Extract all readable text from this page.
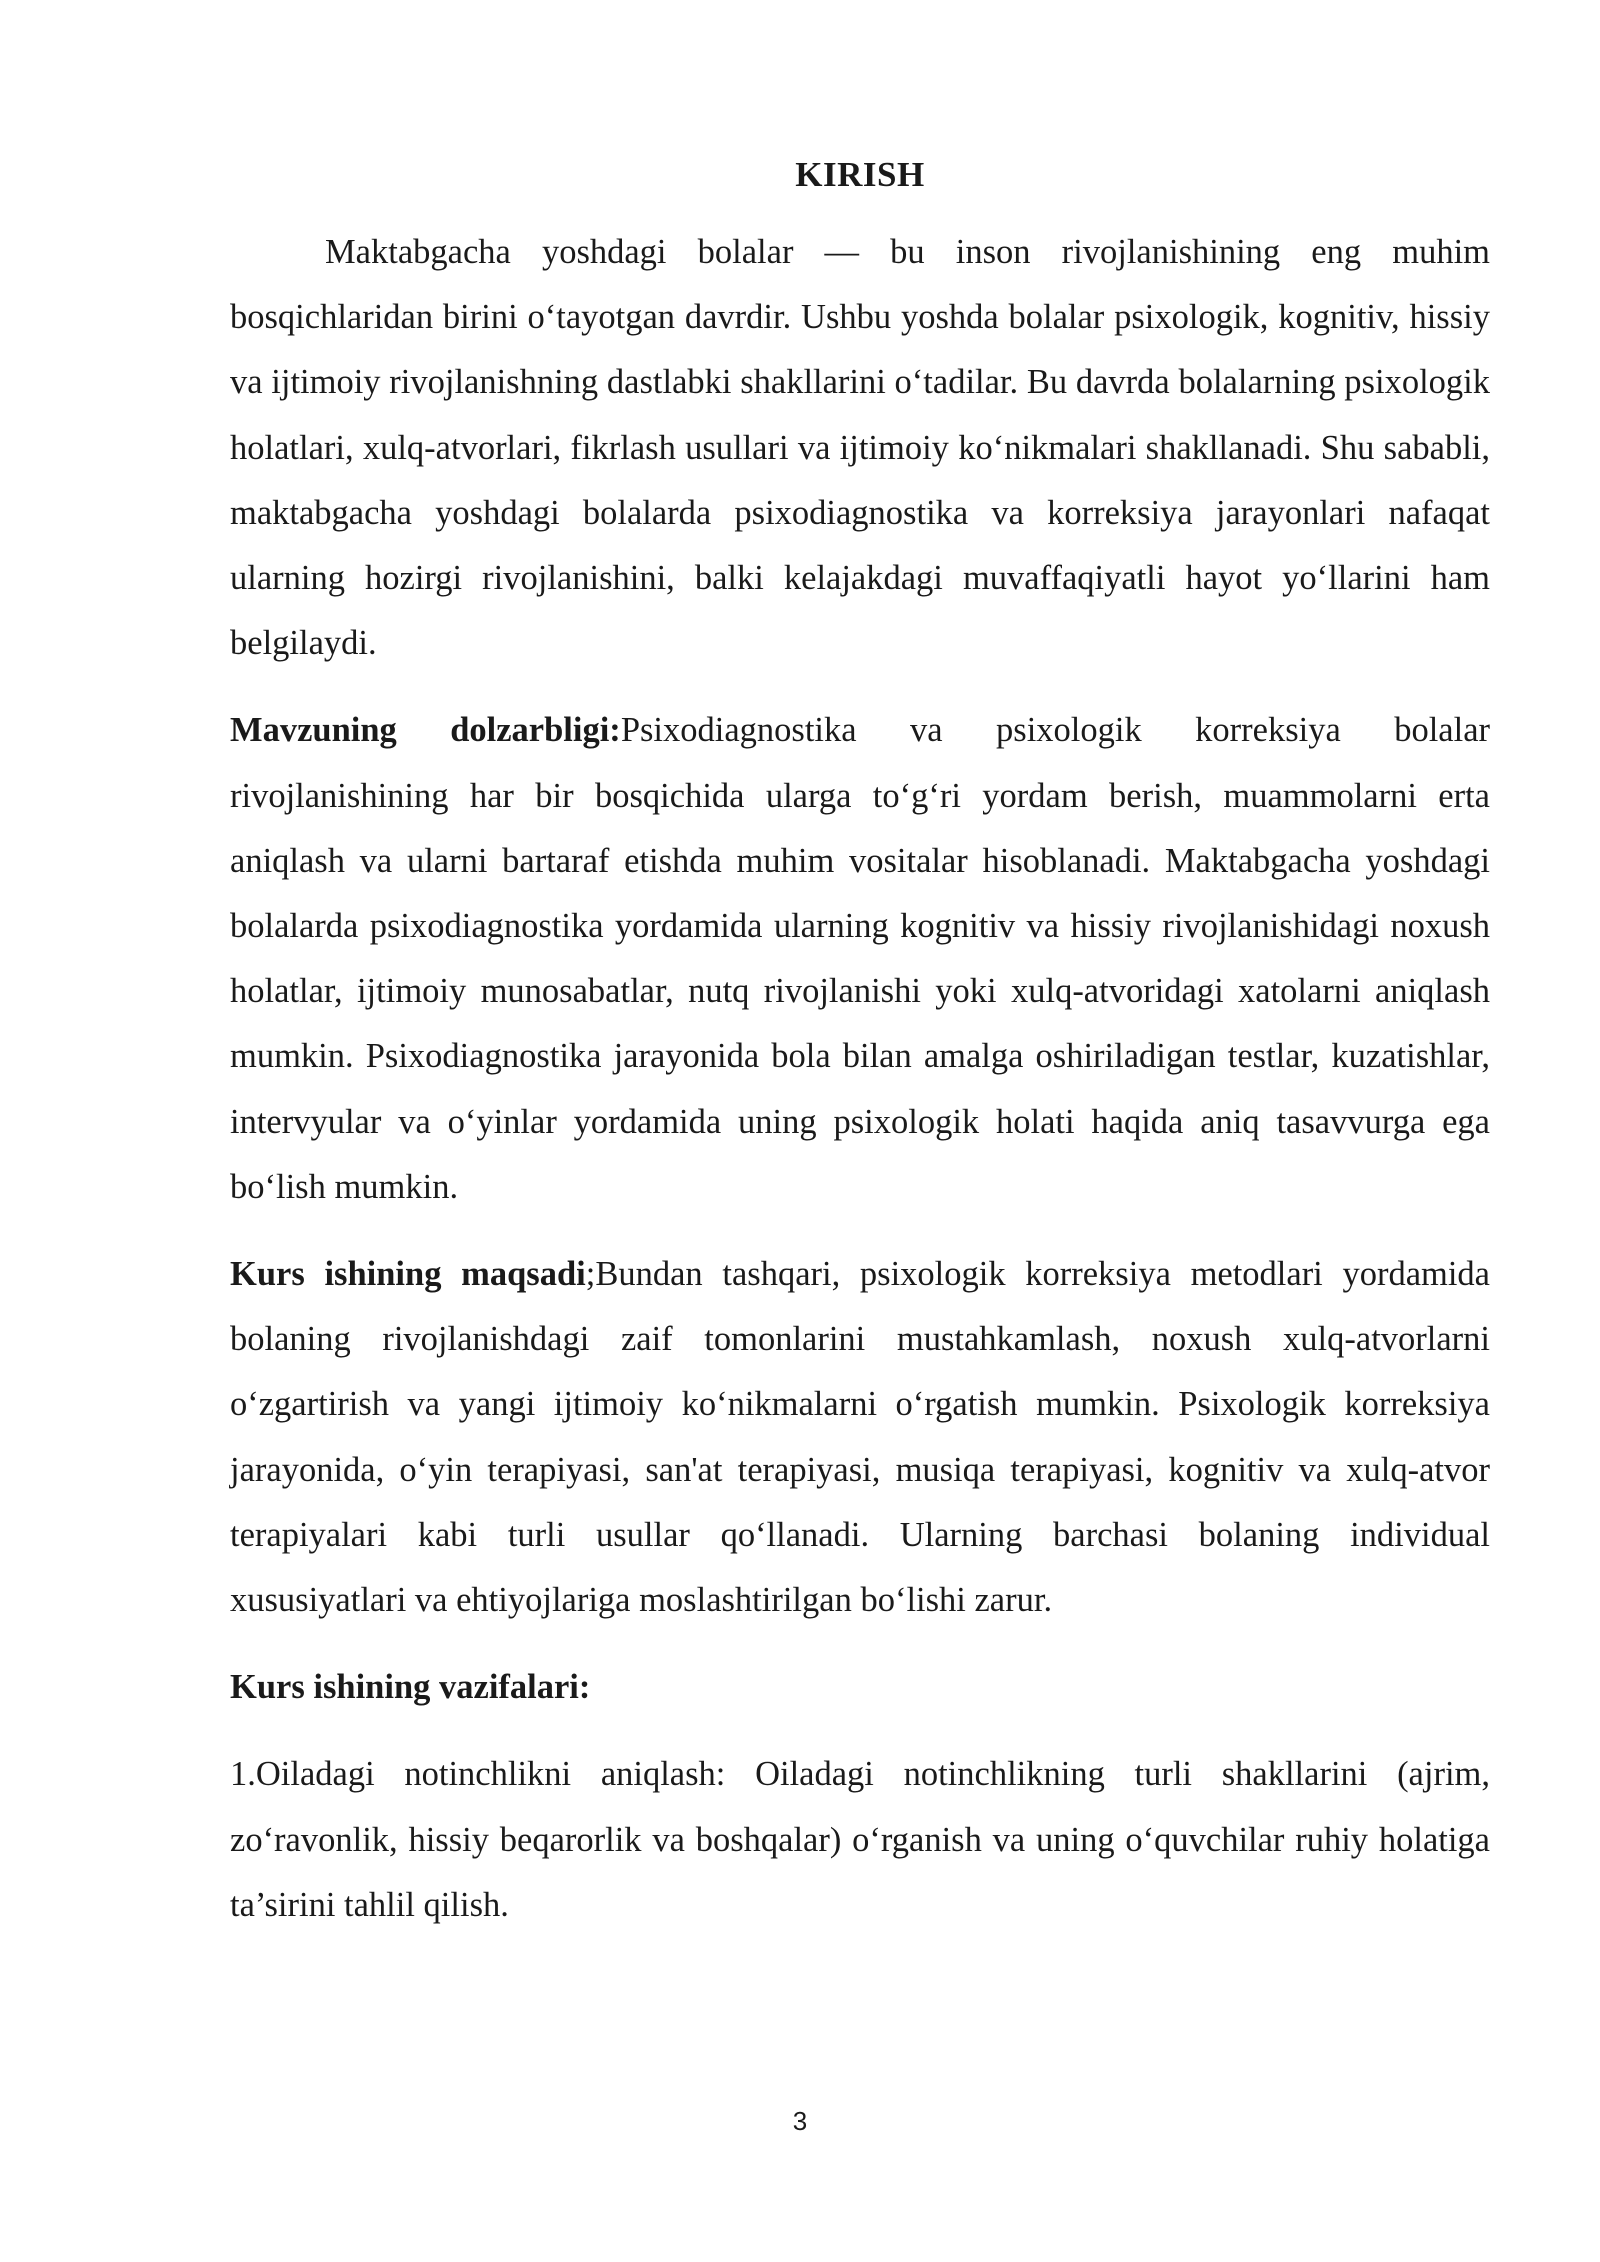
KIRISH

Maktabgacha yoshdagi bolalar — bu inson rivojlanishining eng muhim bosqichlaridan birini o‘tayotgan davrdir. Ushbu yoshda bolalar psixologik, kognitiv, hissiy va ijtimoiy rivojlanishning dastlabki shakllarini o‘tadilar. Bu davrda bolalarning psixologik holatlari, xulq-atvorlari, fikrlash usullari va ijtimoiy ko‘nikmalari shakllanadi. Shu sababli, maktabgacha yoshdagi bolalarda psixodiagnostika va korreksiya jarayonlari nafaqat ularning hozirgi rivojlanishini, balki kelajakdagi muvaffaqiyatli hayot yo‘llarini ham belgilaydi.

Mavzuning dolzarbligi:Psixodiagnostika va psixologik korreksiya bolalar rivojlanishining har bir bosqichida ularga to‘g‘ri yordam berish, muammolarni erta aniqlash va ularni bartaraf etishda muhim vositalar hisoblanadi. Maktabgacha yoshdagi bolalarda psixodiagnostika yordamida ularning kognitiv va hissiy rivojlanishidagi noxush holatlar, ijtimoiy munosabatlar, nutq rivojlanishi yoki xulq-atvoridagi xatolarni aniqlash mumkin. Psixodiagnostika jarayonida bola bilan amalga oshiriladigan testlar, kuzatishlar, intervyular va o‘yinlar yordamida uning psixologik holati haqida aniq tasavvurga ega bo‘lish mumkin.

Kurs ishining maqsadi;Bundan tashqari, psixologik korreksiya metodlari yordamida bolaning rivojlanishdagi zaif tomonlarini mustahkamlash, noxush xulq-atvorlarni o‘zgartirish va yangi ijtimoiy ko‘nikmalarni o‘rgatish mumkin. Psixologik korreksiya jarayonida, o‘yin terapiyasi, san'at terapiyasi, musiqa terapiyasi, kognitiv va xulq-atvor terapiyalari kabi turli usullar qo‘llanadi. Ularning barchasi bolaning individual xususiyatlari va ehtiyojlariga moslashtirilgan bo‘lishi zarur.

Kurs ishining vazifalari:

1.Oiladagi notinchlikni aniqlash: Oiladagi notinchlikning turli shakllarini (ajrim, zo‘ravonlik, hissiy beqarorlik va boshqalar) o‘rganish va uning o‘quvchilar ruhiy holatiga ta’sirini tahlil qilish.

3
